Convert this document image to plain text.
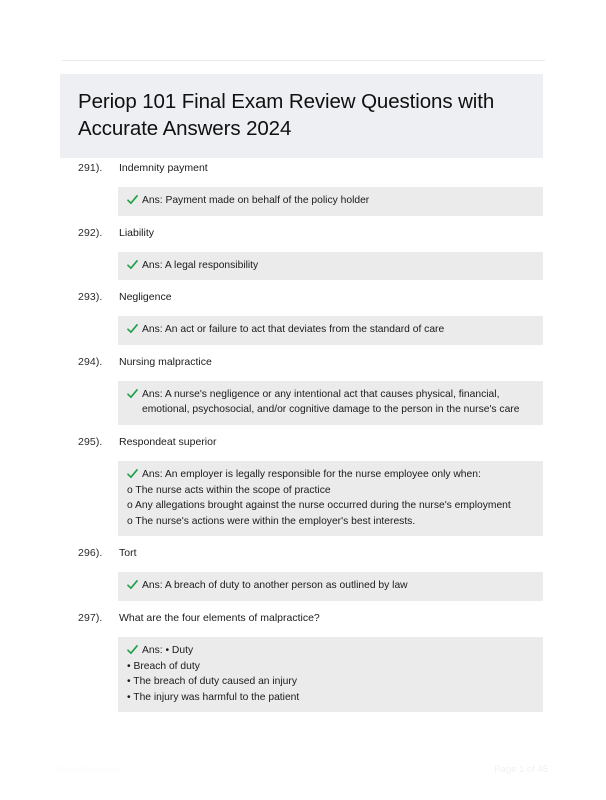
Periop 101 Final Exam Review Questions with Accurate Answers 2024
291).	Indemnity payment
Ans: Payment made on behalf of the policy holder
292).	Liability
Ans: A legal responsibility
293).	Negligence
Ans: An act or failure to act that deviates from the standard of care
294).	Nursing malpractice
Ans: A nurse's negligence or any intentional act that causes physical, financial, emotional, psychosocial, and/or cognitive damage to the person in the nurse's care
295).	Respondeat superior
Ans: An employer is legally responsible for the nurse employee only when:
o The nurse acts within the scope of practice
o Any allegations brought against the nurse occurred during the nurse's employment
o The nurse's actions were within the employer's best interests.
296).	Tort
Ans: A breach of duty to another person as outlined by law
297).	What are the four elements of malpractice?
Ans: • Duty
• Breach of duty
• The breach of duty caused an injury
• The injury was harmful to the patient
PaperStoc.com	Page 1 of 45
